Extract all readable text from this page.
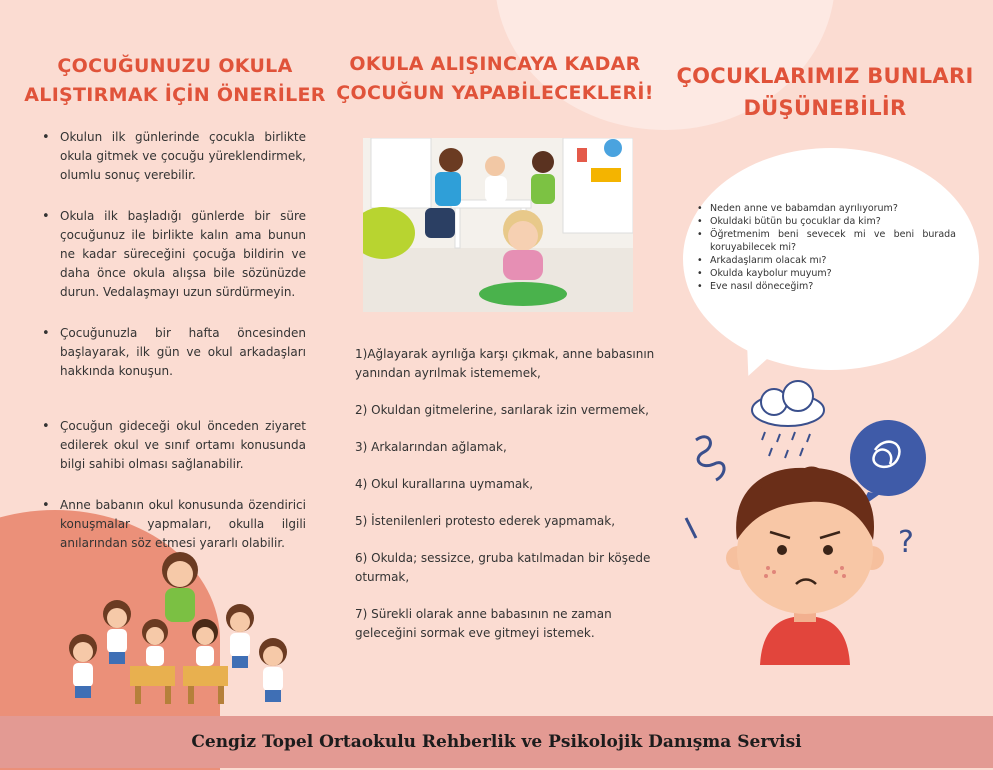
ÇOCUĞUNUZU OKULA
ALIŞTIRMAK İÇİN ÖNERİLER
• Okulun ilk günlerinde çocukla birlikte okula gitmek ve çocuğu yüreklendirmek, olumlu sonuç verebilir.
• Okula ilk başladığı günlerde bir süre çocuğunuz ile birlikte kalın ama bunun ne kadar süreceğini çocuğa bildirin ve daha önce okula alışsa bile sözünüzde durun. Vedalaşmayı uzun sürdürmeyin.
• Çocuğunuzla bir hafta öncesinden başlayarak, ilk gün ve okul arkadaşları hakkında konuşun.
• Çocuğun gideceği okul önceden ziyaret edilerek okul ve sınıf ortamı konusunda bilgi sahibi olması sağlanabilir.
• Anne babanın okul konusunda özendirici konuşmalar yapmaları, okulla ilgili anılarından söz etmesi yararlı olabilir.
OKULA ALIŞINCAYA KADAR
ÇOCUĞUN YAPABİLECEKLERİ!
1)Ağlayarak ayrılığa karşı çıkmak, anne babasının yanından ayrılmak istememek,
2) Okuldan gitmelerine, sarılarak izin vermemek,
3) Arkalarından ağlamak,
4) Okul kurallarına uymamak,
5) İstenilenleri protesto ederek yapmamak,
6) Okulda; sessizce, gruba katılmadan bir köşede oturmak,
7) Sürekli olarak anne babasının ne zaman geleceğini sormak eve gitmeyi istemek.
ÇOCUKLARIMIZ BUNLARI
DÜŞÜNEBİLİR
• Neden anne ve babamdan ayrılıyorum?
• Okuldaki bütün bu çocuklar da kim?
• Öğretmenim beni sevecek mi ve beni burada koruyabilecek mi?
• Arkadaşlarım olacak mı?
• Okulda kaybolur muyum?
• Eve nasıl döneceğim?
?
Cengiz Topel Ortaokulu Rehberlik ve Psikolojik Danışma Servisi
